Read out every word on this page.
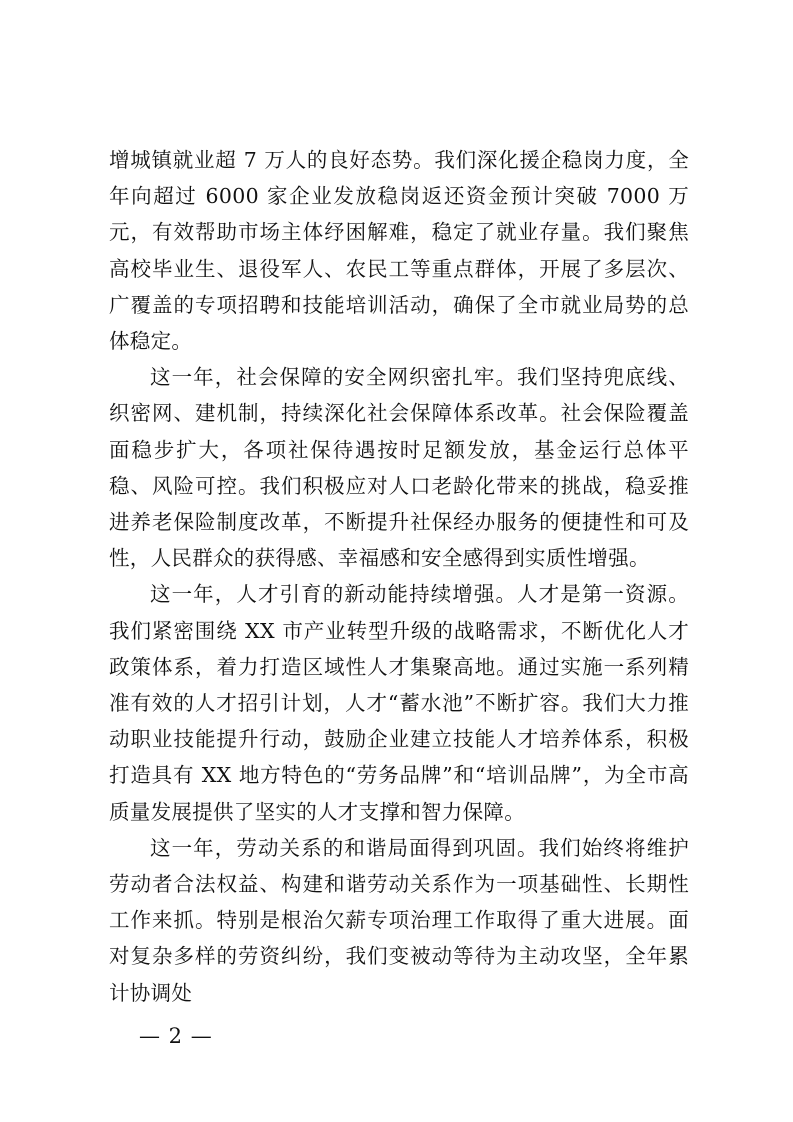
增城镇就业超 7 万人的良好态势。我们深化援企稳岗力度，全年向超过 6000 家企业发放稳岗返还资金预计突破 7000 万元，有效帮助市场主体纾困解难，稳定了就业存量。我们聚焦高校毕业生、退役军人、农民工等重点群体，开展了多层次、广覆盖的专项招聘和技能培训活动，确保了全市就业局势的总体稳定。

这一年，社会保障的安全网织密扎牢。我们坚持兜底线、织密网、建机制，持续深化社会保障体系改革。社会保险覆盖面稳步扩大，各项社保待遇按时足额发放，基金运行总体平稳、风险可控。我们积极应对人口老龄化带来的挑战，稳妥推进养老保险制度改革，不断提升社保经办服务的便捷性和可及性，人民群众的获得感、幸福感和安全感得到实质性增强。

这一年，人才引育的新动能持续增强。人才是第一资源。我们紧密围绕 XX 市产业转型升级的战略需求，不断优化人才政策体系，着力打造区域性人才集聚高地。通过实施一系列精准有效的人才招引计划，人才“蓄水池”不断扩容。我们大力推动职业技能提升行动，鼓励企业建立技能人才培养体系，积极打造具有 XX 地方特色的“劳务品牌”和“培训品牌”，为全市高质量发展提供了坚实的人才支撑和智力保障。

这一年，劳动关系的和谐局面得到巩固。我们始终将维护劳动者合法权益、构建和谐劳动关系作为一项基础性、长期性工作来抓。特别是根治欠薪专项治理工作取得了重大进展。面对复杂多样的劳资纠纷，我们变被动等待为主动攻坚，全年累计协调处

— 2 —
